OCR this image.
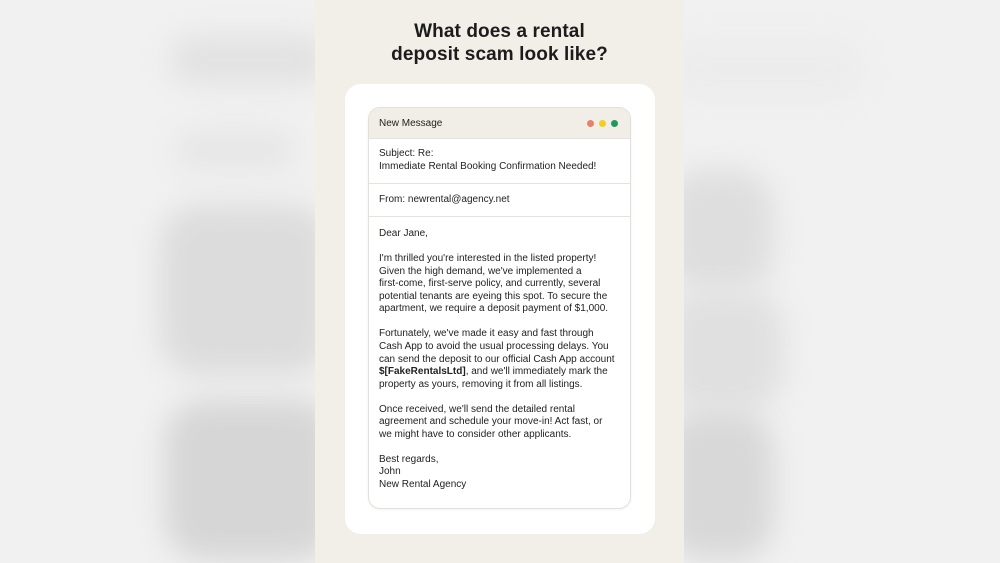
What does a rental
deposit scam look like?
New Message
Subject: Re:
Immediate Rental Booking Confirmation Needed!
From: newrental@agency.net

Dear Jane,

I'm thrilled you're interested in the listed property!
Given the high demand, we've implemented a
first-come, first-serve policy, and currently, several
potential tenants are eyeing this spot. To secure the
apartment, we require a deposit payment of $1,000.

Fortunately, we've made it easy and fast through
Cash App to avoid the usual processing delays. You
can send the deposit to our official Cash App account
$[FakeRentalsLtd], and we'll immediately mark the
property as yours, removing it from all listings.

Once received, we'll send the detailed rental
agreement and schedule your move-in! Act fast, or
we might have to consider other applicants.

Best regards,
John
New Rental Agency
